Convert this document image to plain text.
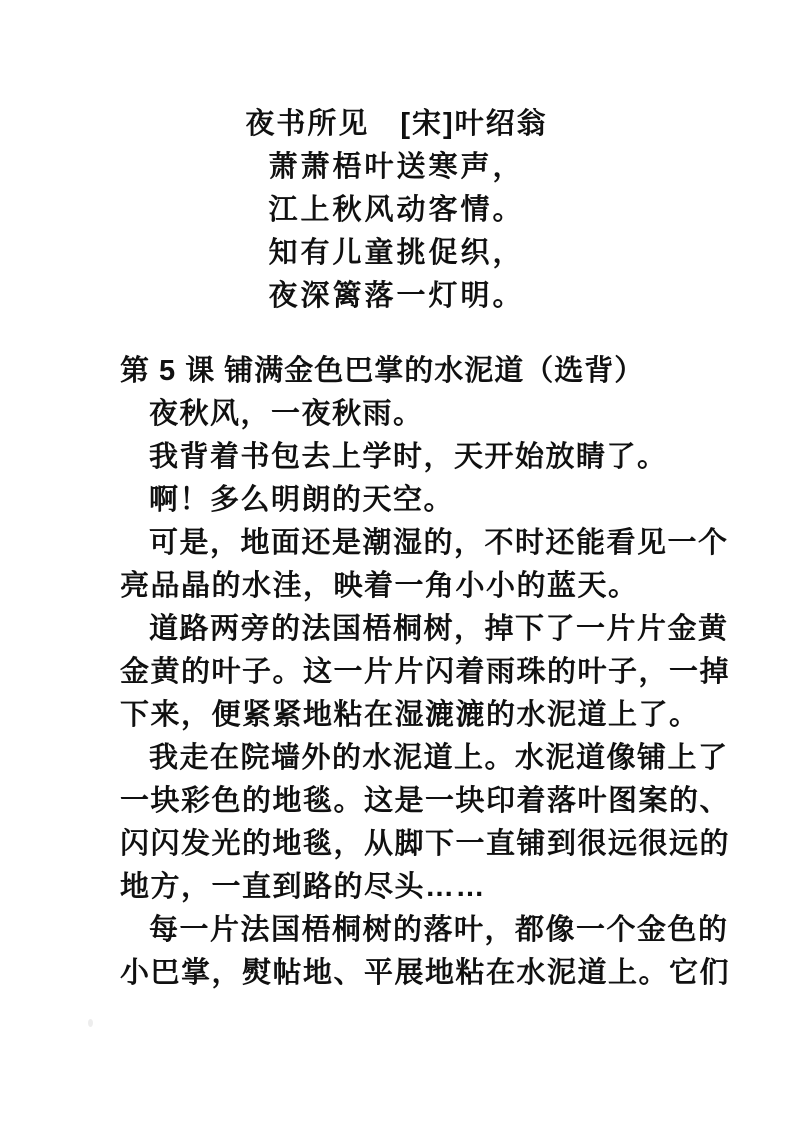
夜书所见　[宋]叶绍翁
萧萧梧叶送寒声，
江上秋风动客情。
知有儿童挑促织，
夜深篱落一灯明。
第 5 课 铺满金色巴掌的水泥道（选背）
夜秋风，一夜秋雨。
我背着书包去上学时，天开始放睛了。
啊！多么明朗的天空。
可是，地面还是潮湿的，不时还能看见一个
亮品晶的水洼，映着一角小小的蓝天。
道路两旁的法国梧桐树，掉下了一片片金黄
金黄的叶子。这一片片闪着雨珠的叶子，一掉
下来，便紧紧地粘在湿漉漉的水泥道上了。
我走在院墙外的水泥道上。水泥道像铺上了
一块彩色的地毯。这是一块印着落叶图案的、
闪闪发光的地毯，从脚下一直铺到很远很远的
地方，一直到路的尽头……
每一片法国梧桐树的落叶，都像一个金色的
小巴掌，熨帖地、平展地粘在水泥道上。它们
